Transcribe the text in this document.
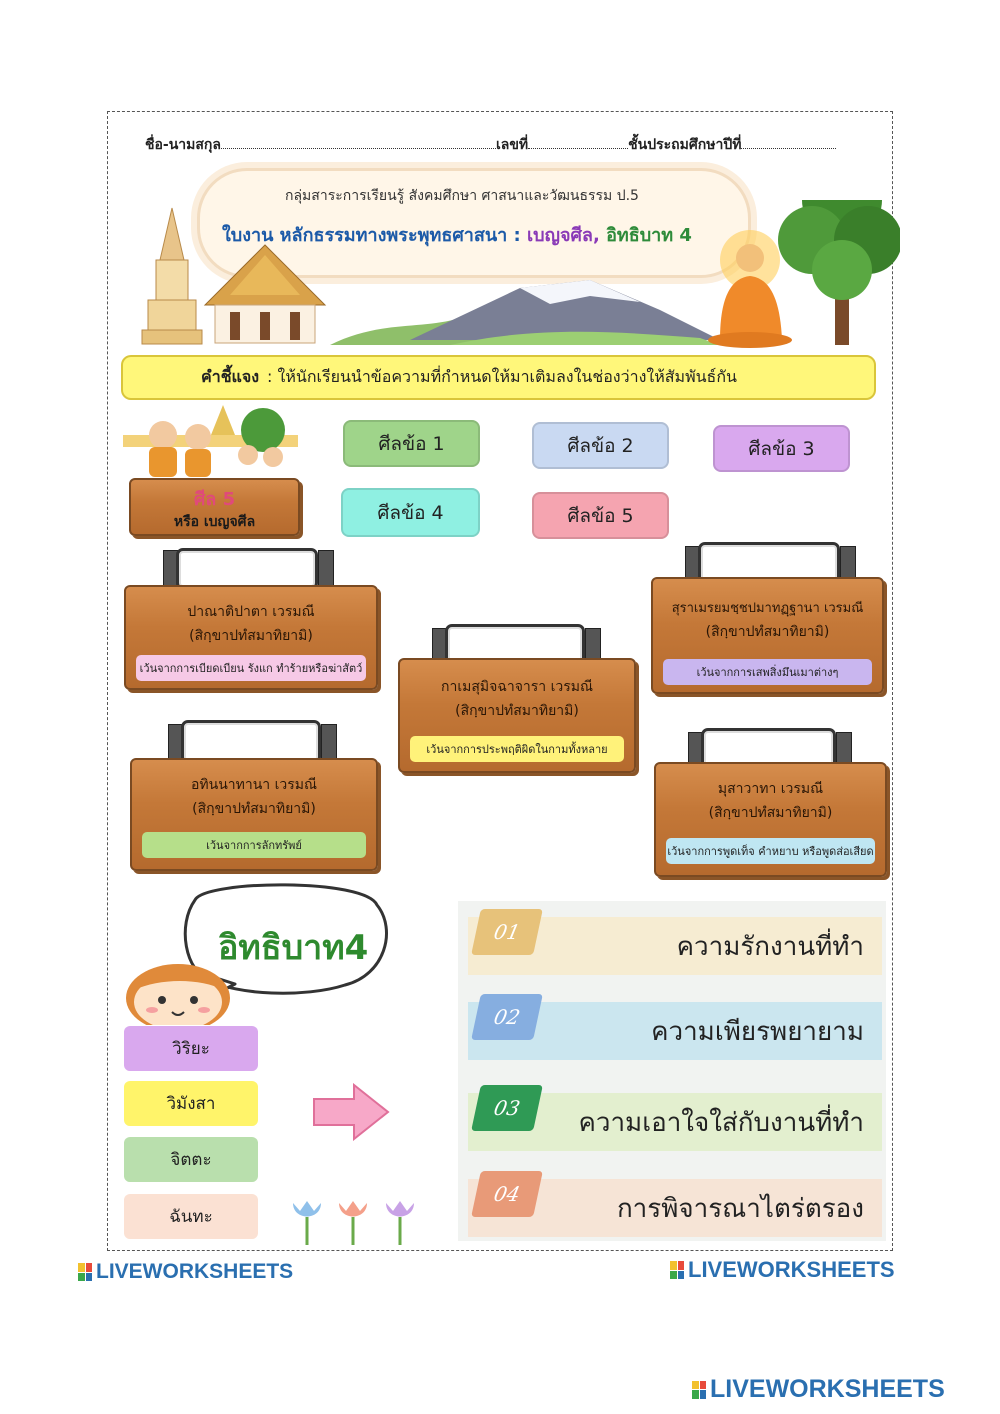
ชื่อ-นามสกุล	เลขที่	ชั้นประถมศึกษาปีที่
กลุ่มสาระการเรียนรู้ สังคมศึกษา ศาสนาและวัฒนธรรม ป.5
ใบงาน หลักธรรมทางพระพุทธศาสนา : เบญจศีล, อิทธิบาท 4
คำชี้แจง : ให้นักเรียนนำข้อความที่กำหนดให้มาเติมลงในช่องว่างให้สัมพันธ์กัน
ศีล 5
หรือ เบญจศีล
ศีลข้อ 1	ศีลข้อ 2	ศีลข้อ 3
ศีลข้อ 4	ศีลข้อ 5
ปาณาติปาตา เวรมณี
(สิกฺขาปทํสมาทิยามิ)
เว้นจากการเบียดเบียน รังแก ทำร้ายหรือฆ่าสัตว์
อทินนาทานา เวรมณี
(สิกฺขาปทํสมาทิยามิ)
เว้นจากการลักทรัพย์
กาเมสุมิจฉาจารา เวรมณี
(สิกฺขาปทํสมาทิยามิ)
เว้นจากการประพฤติผิดในกามทั้งหลาย
สุราเมรยมชฺชปมาทฏฺฐานา เวรมณี
(สิกฺขาปทํสมาทิยามิ)
เว้นจากการเสพสิ่งมึนเมาต่างๆ
มุสาวาทา เวรมณี
(สิกฺขาปทํสมาทิยามิ)
เว้นจากการพูดเท็จ คำหยาบ หรือพูดส่อเสียด
อิทธิบาท4
วิริยะ
วิมังสา
จิตตะ
ฉันทะ
01	ความรักงานที่ทำ
02	ความเพียรพยายาม
03	ความเอาใจใส่กับงานที่ทำ
04	การพิจารณาไตร่ตรอง
LIVEWORKSHEETS	LIVEWORKSHEETS
LIVEWORKSHEETS
